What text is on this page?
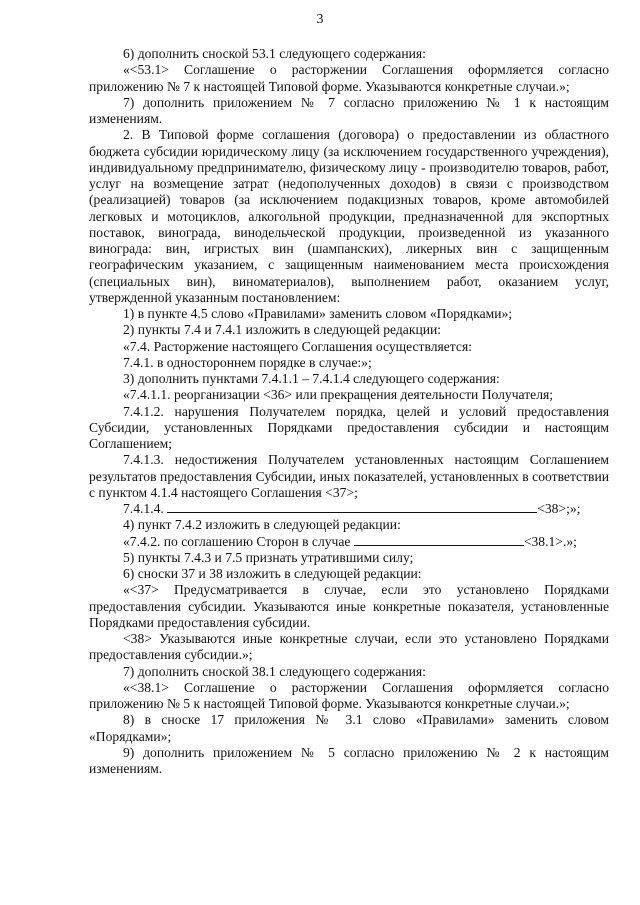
3

6) дополнить сноской 53.1 следующего содержания:

«<53.1> Соглашение о расторжении Соглашения оформляется согласно приложению № 7 к настоящей Типовой форме. Указываются конкретные случаи.»;

7) дополнить приложением № 7 согласно приложению № 1 к настоящим изменениям.

2. В Типовой форме соглашения (договора) о предоставлении из областного бюджета субсидии юридическому лицу (за исключением государственного учреждения), индивидуальному предпринимателю, физическому лицу - производителю товаров, работ, услуг на возмещение затрат (недополученных доходов) в связи с производством (реализацией) товаров (за исключением подакцизных товаров, кроме автомобилей легковых и мотоциклов, алкогольной продукции, предназначенной для экспортных поставок, винограда, винодельческой продукции, произведенной из указанного винограда: вин, игристых вин (шампанских), ликерных вин с защищенным географическим указанием, с защищенным наименованием места происхождения (специальных вин), виноматериалов), выполнением работ, оказанием услуг, утвержденной указанным постановлением:

1) в пункте 4.5 слово «Правилами» заменить словом «Порядками»;

2) пункты 7.4 и 7.4.1 изложить в следующей редакции:

«7.4. Расторжение настоящего Соглашения осуществляется:

7.4.1. в одностороннем порядке в случае:»;

3) дополнить пунктами 7.4.1.1 – 7.4.1.4 следующего содержания:

«7.4.1.1. реорганизации <36> или прекращения деятельности Получателя;

7.4.1.2. нарушения Получателем порядка, целей и условий предоставления Субсидии, установленных Порядками предоставления субсидии и настоящим Соглашением;

7.4.1.3. недостижения Получателем установленных настоящим Соглашением результатов предоставления Субсидии, иных показателей, установленных в соответствии с пунктом 4.1.4 настоящего Соглашения <37>;

7.4.1.4.	<38>;»;

4) пункт 7.4.2 изложить в следующей редакции:

«7.4.2. по соглашению Сторон в случае	<38.1>.»;

5) пункты 7.4.3 и 7.5 признать утратившими силу;

6) сноски 37 и 38 изложить в следующей редакции:

«<37> Предусматривается в случае, если это установлено Порядками предоставления субсидии. Указываются иные конкретные показателя, установленные Порядками предоставления субсидии.

<38> Указываются иные конкретные случаи, если это установлено Порядками предоставления субсидии.»;

7) дополнить сноской 38.1 следующего содержания:

«<38.1> Соглашение о расторжении Соглашения оформляется согласно приложению № 5 к настоящей Типовой форме. Указываются конкретные случаи.»;

8) в сноске 17 приложения № 3.1 слово «Правилами» заменить словом «Порядками»;

9) дополнить приложением № 5 согласно приложению № 2 к настоящим изменениям.
